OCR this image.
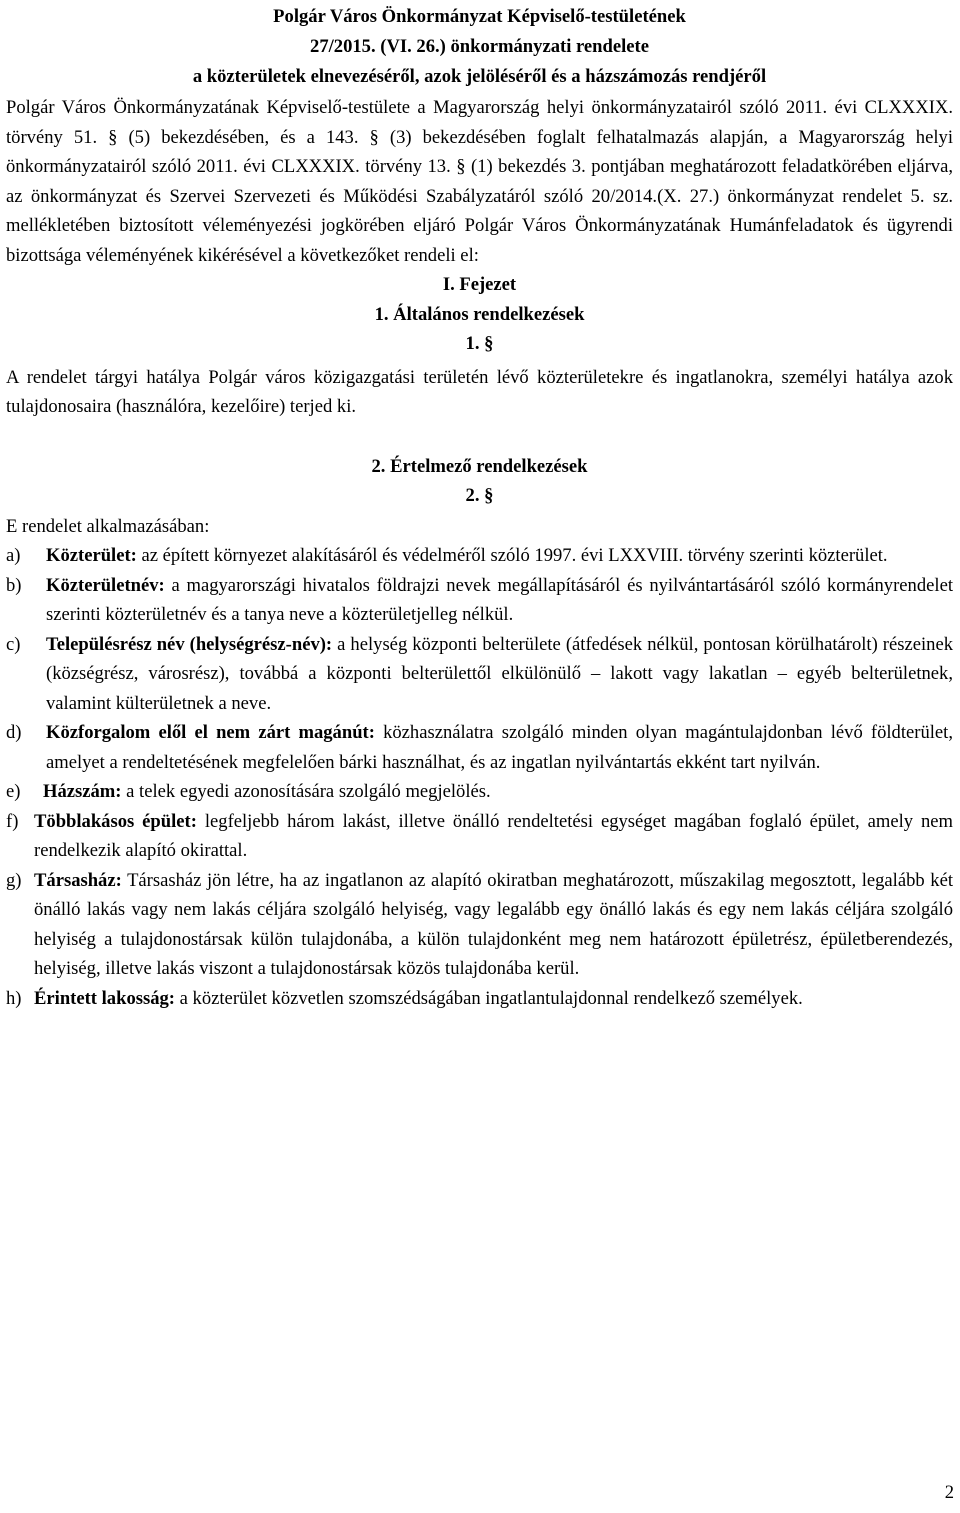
Polgár Város Önkormányzat Képviselő-testületének
27/2015. (VI. 26.) önkormányzati rendelete
a közterületek elnevezéséről, azok jelöléséről és a házszámozás rendjéről
Polgár Város Önkormányzatának Képviselő-testülete a Magyarország helyi önkormányzatairól szóló 2011. évi CLXXXIX. törvény 51. § (5) bekezdésében, és a 143. § (3) bekezdésében foglalt felhatalmazás alapján, a Magyarország helyi önkormányzatairól szóló 2011. évi CLXXXIX. törvény 13. § (1) bekezdés 3. pontjában meghatározott feladatkörében eljárva, az önkormányzat és Szervei Szervezeti és Működési Szabályzatáról szóló 20/2014.(X. 27.) önkormányzat rendelet 5. sz. mellékletében biztosított véleményezési jogkörében eljáró Polgár Város Önkormányzatának Humánfeladatok és ügyrendi bizottsága véleményének kikérésével a következőket rendeli el:
I. Fejezet
1. Általános rendelkezések
1. §
A rendelet tárgyi hatálya Polgár város közigazgatási területén lévő közterületekre és ingatlanokra, személyi hatálya azok tulajdonosaira (használóra, kezelőire) terjed ki.
2. Értelmező rendelkezések
2. §
E rendelet alkalmazásában:
a)	Közterület: az épített környezet alakításáról és védelméről szóló 1997. évi LXXVIII. törvény szerinti közterület.
b)	Közterületnév: a magyarországi hivatalos földrajzi nevek megállapításáról és nyilvántartásáról szóló kormányrendelet szerinti közterületnév és a tanya neve a közterületjelleg nélkül.
c)	Településrész név (helységrész-név): a helység központi belterülete (átfedések nélkül, pontosan körülhatárolt) részeinek (községrész, városrész), továbbá a központi belterülettől elkülönülő – lakott vagy lakatlan – egyéb belterületnek, valamint külterületnek a neve.
d)	Közforgalom elől el nem zárt magánút: közhasználatra szolgáló minden olyan magántulajdonban lévő földterület, amelyet a rendeltetésének megfelelően bárki használhat, és az ingatlan nyilvántartás ekként tart nyilván.
e)	Házszám: a telek egyedi azonosítására szolgáló megjelölés.
f) Többlakásos épület: legfeljebb három lakást, illetve önálló rendeltetési egységet magában foglaló épület, amely nem rendelkezik alapító okirattal.
g) Társasház: Társasház jön létre, ha az ingatlanon az alapító okiratban meghatározott, műszakilag megosztott, legalább két önálló lakás vagy nem lakás céljára szolgáló helyiség, vagy legalább egy önálló lakás és egy nem lakás céljára szolgáló helyiség a tulajdonostársak külön tulajdonába, a külön tulajdonként meg nem határozott épületrész, épületberendezés, helyiség, illetve lakás viszont a tulajdonostársak közös tulajdonába kerül.
h) Érintett lakosság: a közterület közvetlen szomszédságában ingatlantulajdonnal rendelkező személyek.
2
